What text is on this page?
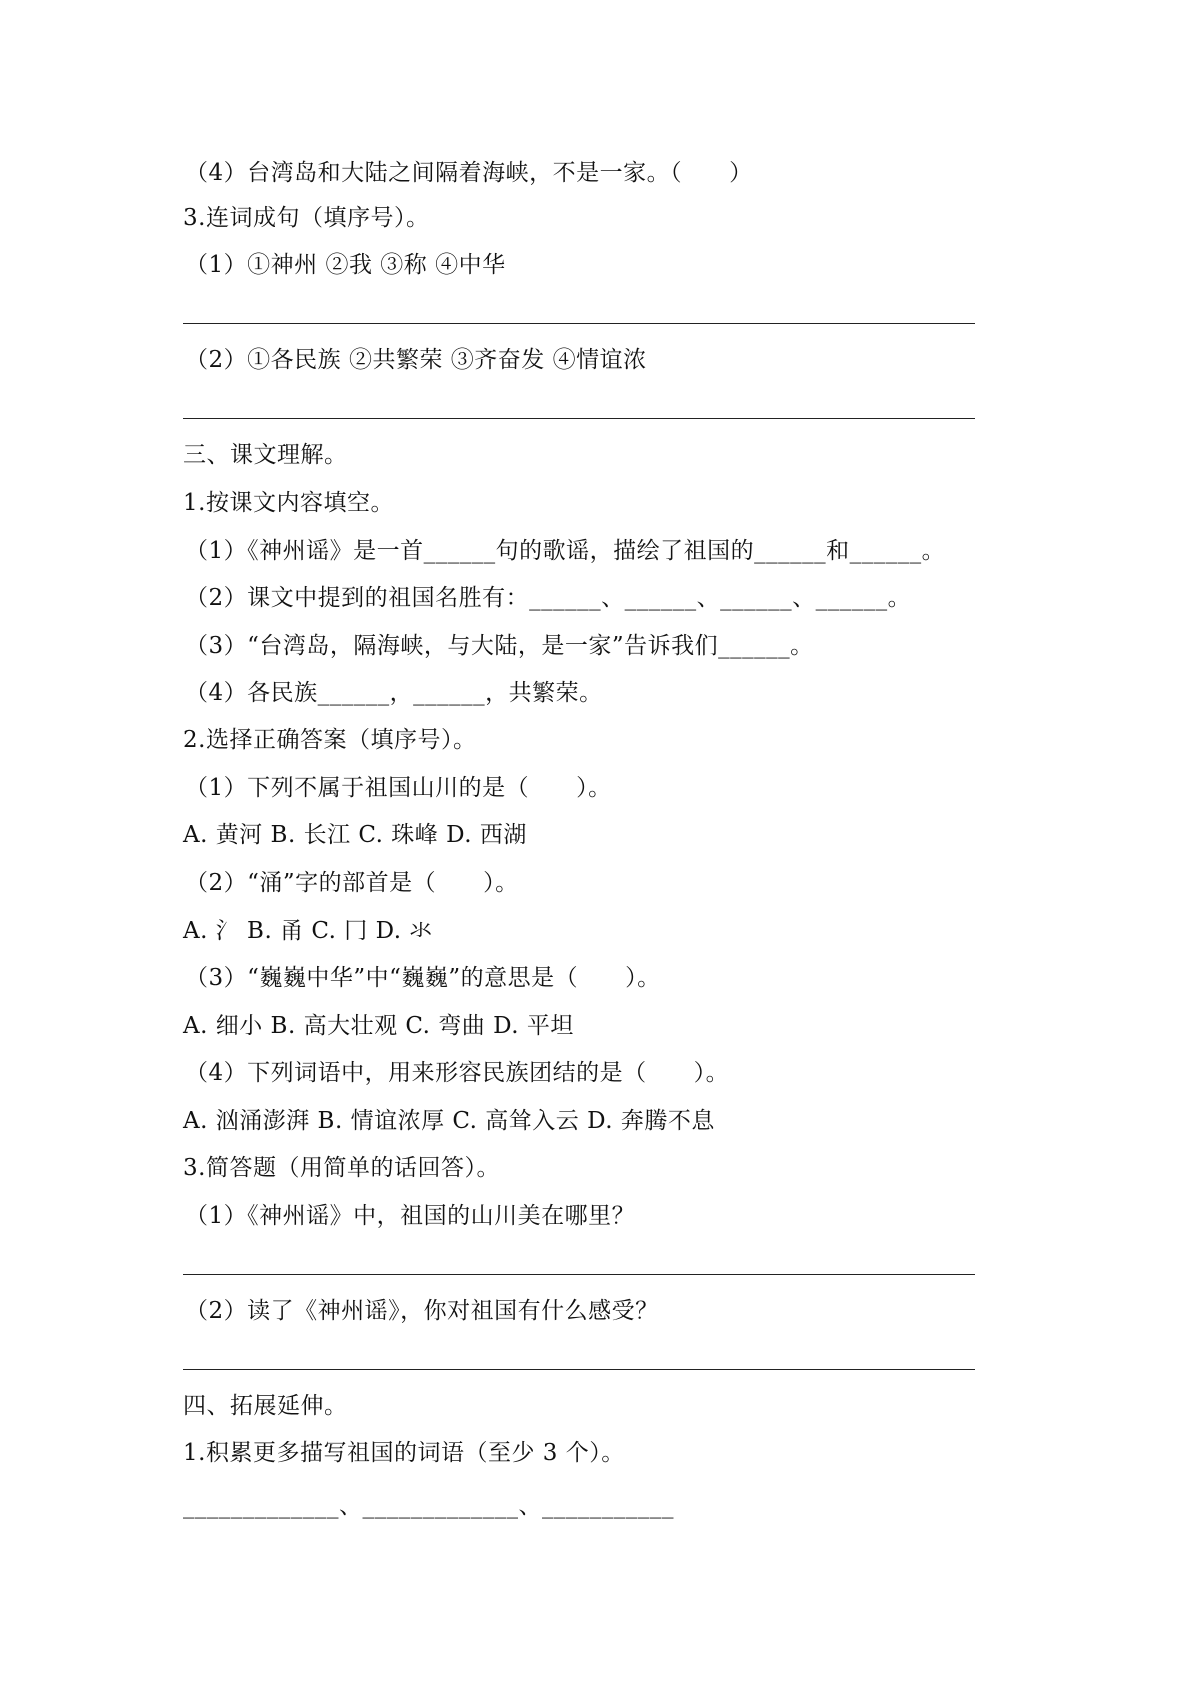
（4）台湾岛和大陆之间隔着海峡，不是一家。（　　）
3.连词成句（填序号）。
（1）①神州 ②我 ③称 ④中华
（2）①各民族 ②共繁荣 ③齐奋发 ④情谊浓
三、课文理解。
1.按课文内容填空。
（1）《神州谣》是一首______句的歌谣，描绘了祖国的______和______。
（2）课文中提到的祖国名胜有：______、______、______、______。
（3）“台湾岛，隔海峡，与大陆，是一家”告诉我们______。
（4）各民族______，______，共繁荣。
2.选择正确答案（填序号）。
（1）下列不属于祖国山川的是（　　）。
A. 黄河 B. 长江 C. 珠峰 D. 西湖
（2）“涌”字的部首是（　　）。
A. 氵 B. 甬 C. 冂 D. 氺
（3）“巍巍中华”中“巍巍”的意思是（　　）。
A. 细小 B. 高大壮观 C. 弯曲 D. 平坦
（4）下列词语中，用来形容民族团结的是（　　）。
A. 汹涌澎湃 B. 情谊浓厚 C. 高耸入云 D. 奔腾不息
3.简答题（用简单的话回答）。
（1）《神州谣》中，祖国的山川美在哪里？
（2）读了《神州谣》，你对祖国有什么感受？
四、拓展延伸。
1.积累更多描写祖国的词语（至少 3 个）。
_____________、_____________、___________
